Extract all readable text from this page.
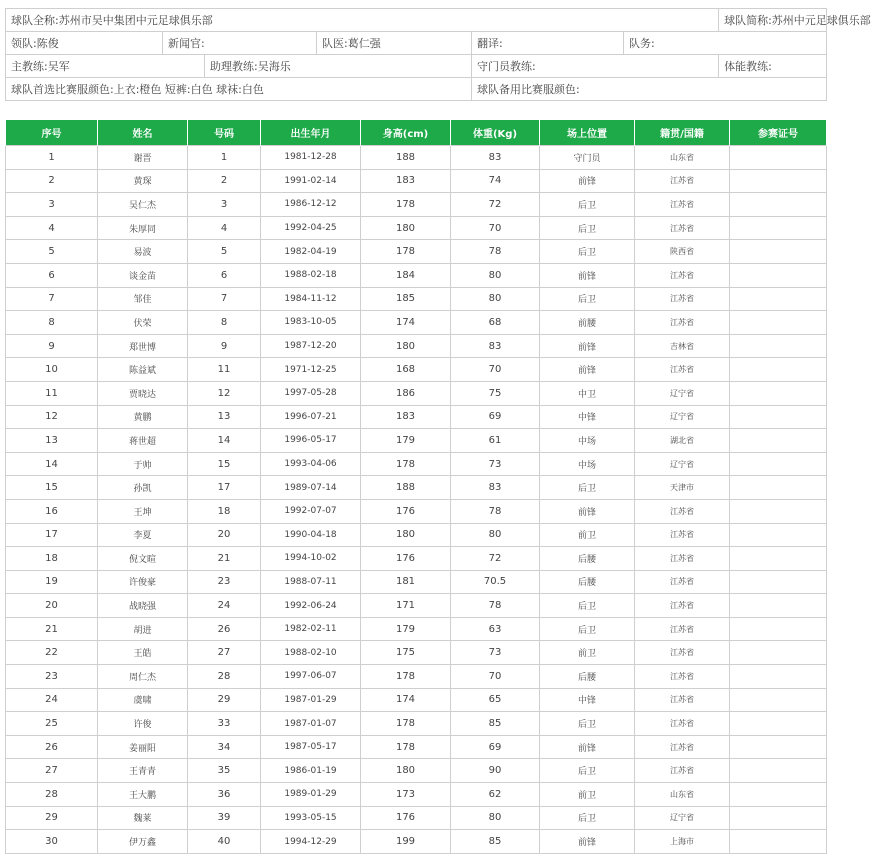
球队全称:苏州市吴中集团中元足球俱乐部						球队简称:苏州中元足球俱乐部
领队:陈俊	新闻官:		队医:葛仁强	翻译:	队务:	
主教练:吴军		助理教练:吴海乐		守门员教练:		体能教练:
球队首选比赛服颜色:上衣:橙色 短裤:白色 球袜:白色				球队备用比赛服颜色:		
序号	姓名	号码	出生年月	身高(cm)	体重(Kg)	场上位置	籍贯/国籍	参赛证号
1	谢晋	1	1981-12-28	188	83	守门员	山东省	
2	黄琛	2	1991-02-14	183	74	前锋	江苏省	
3	吴仁杰	3	1986-12-12	178	72	后卫	江苏省	
4	朱厚同	4	1992-04-25	180	70	后卫	江苏省	
5	易波	5	1982-04-19	178	78	后卫	陕西省	
6	谈金苗	6	1988-02-18	184	80	前锋	江苏省	
7	邹佳	7	1984-11-12	185	80	后卫	江苏省	
8	伏荣	8	1983-10-05	174	68	前腰	江苏省	
9	郑世博	9	1987-12-20	180	83	前锋	吉林省	
10	陈益斌	11	1971-12-25	168	70	前锋	江苏省	
11	贾晓达	12	1997-05-28	186	75	中卫	辽宁省	
12	黄鹏	13	1996-07-21	183	69	中锋	辽宁省	
13	蒋世超	14	1996-05-17	179	61	中场	湖北省	
14	于帅	15	1993-04-06	178	73	中场	辽宁省	
15	孙凯	17	1989-07-14	188	83	后卫	天津市	
16	王坤	18	1992-07-07	176	78	前锋	江苏省	
17	李夏	20	1990-04-18	180	80	前卫	江苏省	
18	倪文暄	21	1994-10-02	176	72	后腰	江苏省	
19	许俊豪	23	1988-07-11	181	70.5	后腰	江苏省	
20	战晓强	24	1992-06-24	171	78	后卫	江苏省	
21	胡进	26	1982-02-11	179	63	后卫	江苏省	
22	王皓	27	1988-02-10	175	73	前卫	江苏省	
23	周仁杰	28	1997-06-07	178	70	后腰	江苏省	
24	虞啸	29	1987-01-29	174	65	中锋	江苏省	
25	许俊	33	1987-01-07	178	85	后卫	江苏省	
26	姜丽阳	34	1987-05-17	178	69	前锋	江苏省	
27	王青青	35	1986-01-19	180	90	后卫	江苏省	
28	王大鹏	36	1989-01-29	173	62	前卫	山东省	
29	魏莱	39	1993-05-15	176	80	后卫	辽宁省	
30	伊万鑫	40	1994-12-29	199	85	前锋	上海市	
